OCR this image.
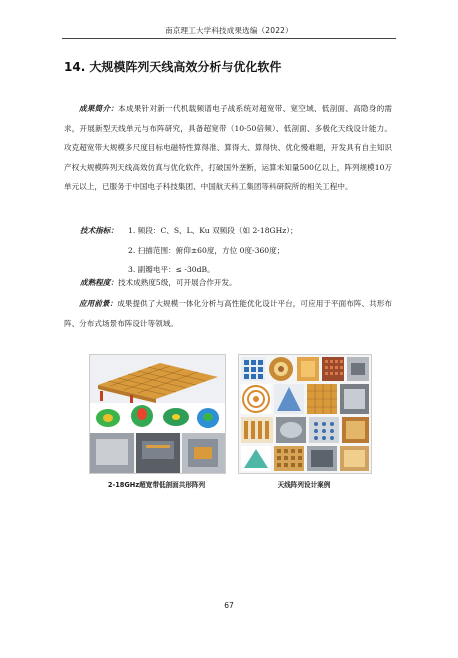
南京理工大学科技成果选编（2022）
14. 大规模阵列天线高效分析与优化软件
成果简介：本成果针对新一代机载频谱电子战系统对超宽带、宽空域、低剖面、高隐身的需求，开展新型天线单元与布阵研究，具备超宽带（10-50倍频）、低剖面、多极化天线设计能力。攻克超宽带大规模多尺度目标电磁特性算得准、算得大、算得快、优化慢难题，开发具有自主知识产权大规模阵列天线高效仿真与优化软件，打破国外垄断，运算未知量500亿以上，阵列规模10万单元以上，已服务于中国电子科技集团、中国航天科工集团等科研院所的相关工程中。
技术指标：	1. 频段：C、S、L、Ku 双频段（如 2-18GHz）；
2. 扫描范围：俯仰±60度，方位 0度-360度；
3. 副瓣电平：≤ -30dB。
成熟程度：技术成熟度5级，可开展合作开发。
应用前景：成果提供了大规模一体化分析与高性能优化设计平台，可应用于平面布阵、共形布阵、分布式场景布阵设计等领域。
2-18GHz超宽带低剖面共形阵列	天线阵列设计案例
67
